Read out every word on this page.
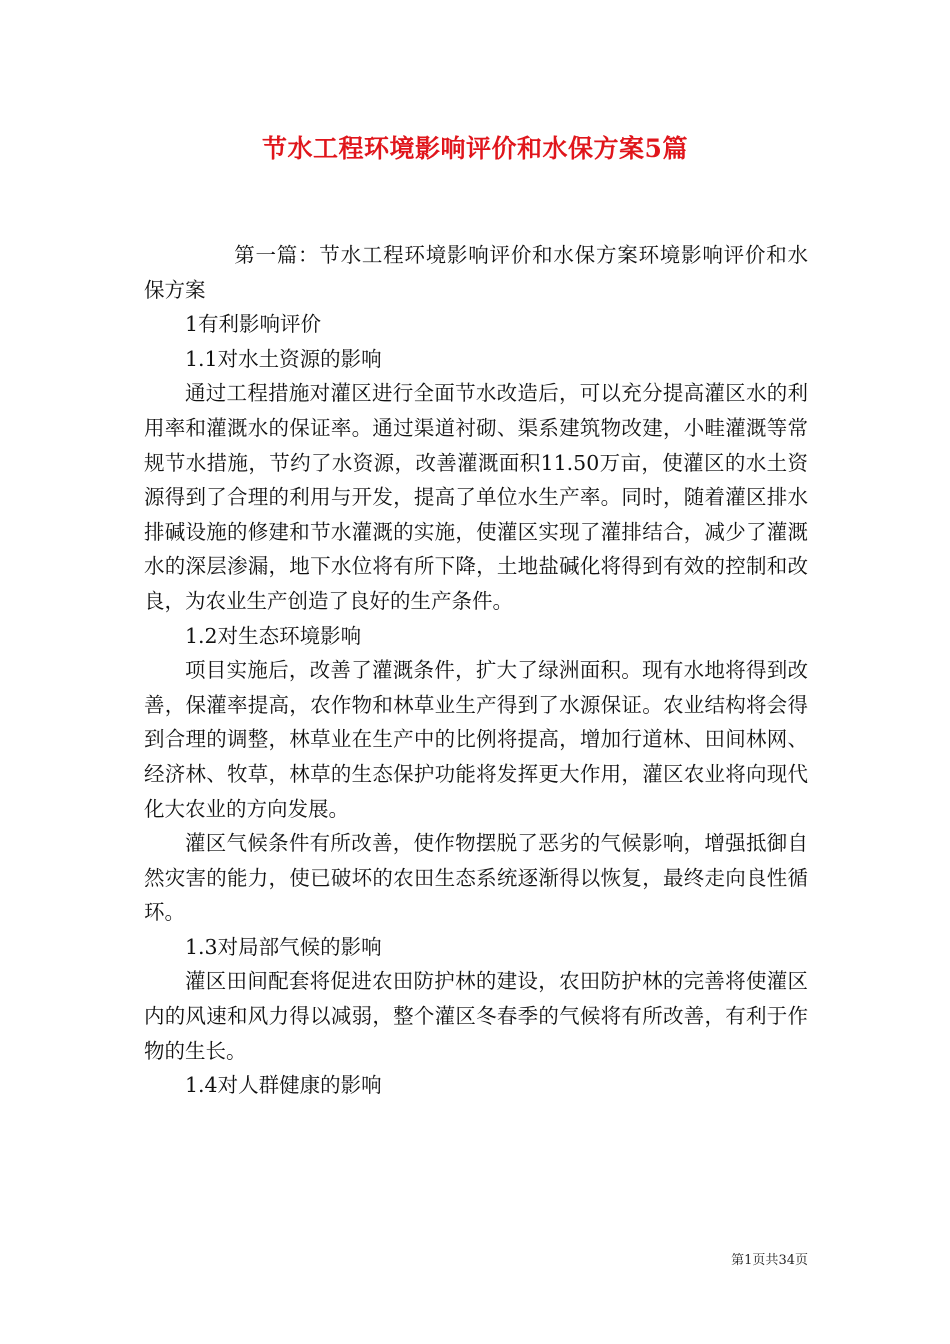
节水工程环境影响评价和水保方案5篇

第一篇：节水工程环境影响评价和水保方案环境影响评价和水保方案

1有利影响评价

1.1对水土资源的影响

通过工程措施对灌区进行全面节水改造后，可以充分提高灌区水的利用率和灌溉水的保证率。通过渠道衬砌、渠系建筑物改建，小畦灌溉等常规节水措施，节约了水资源，改善灌溉面积11.50万亩，使灌区的水土资源得到了合理的利用与开发，提高了单位水生产率。同时，随着灌区排水排碱设施的修建和节水灌溉的实施，使灌区实现了灌排结合，减少了灌溉水的深层渗漏，地下水位将有所下降，土地盐碱化将得到有效的控制和改良，为农业生产创造了良好的生产条件。

1.2对生态环境影响

项目实施后，改善了灌溉条件，扩大了绿洲面积。现有水地将得到改善，保灌率提高，农作物和林草业生产得到了水源保证。农业结构将会得到合理的调整，林草业在生产中的比例将提高，增加行道林、田间林网、经济林、牧草，林草的生态保护功能将发挥更大作用，灌区农业将向现代化大农业的方向发展。

灌区气候条件有所改善，使作物摆脱了恶劣的气候影响，增强抵御自然灾害的能力，使已破坏的农田生态系统逐渐得以恢复，最终走向良性循环。

1.3对局部气候的影响

灌区田间配套将促进农田防护林的建设，农田防护林的完善将使灌区内的风速和风力得以减弱，整个灌区冬春季的气候将有所改善，有利于作物的生长。

1.4对人群健康的影响

第1页共34页
